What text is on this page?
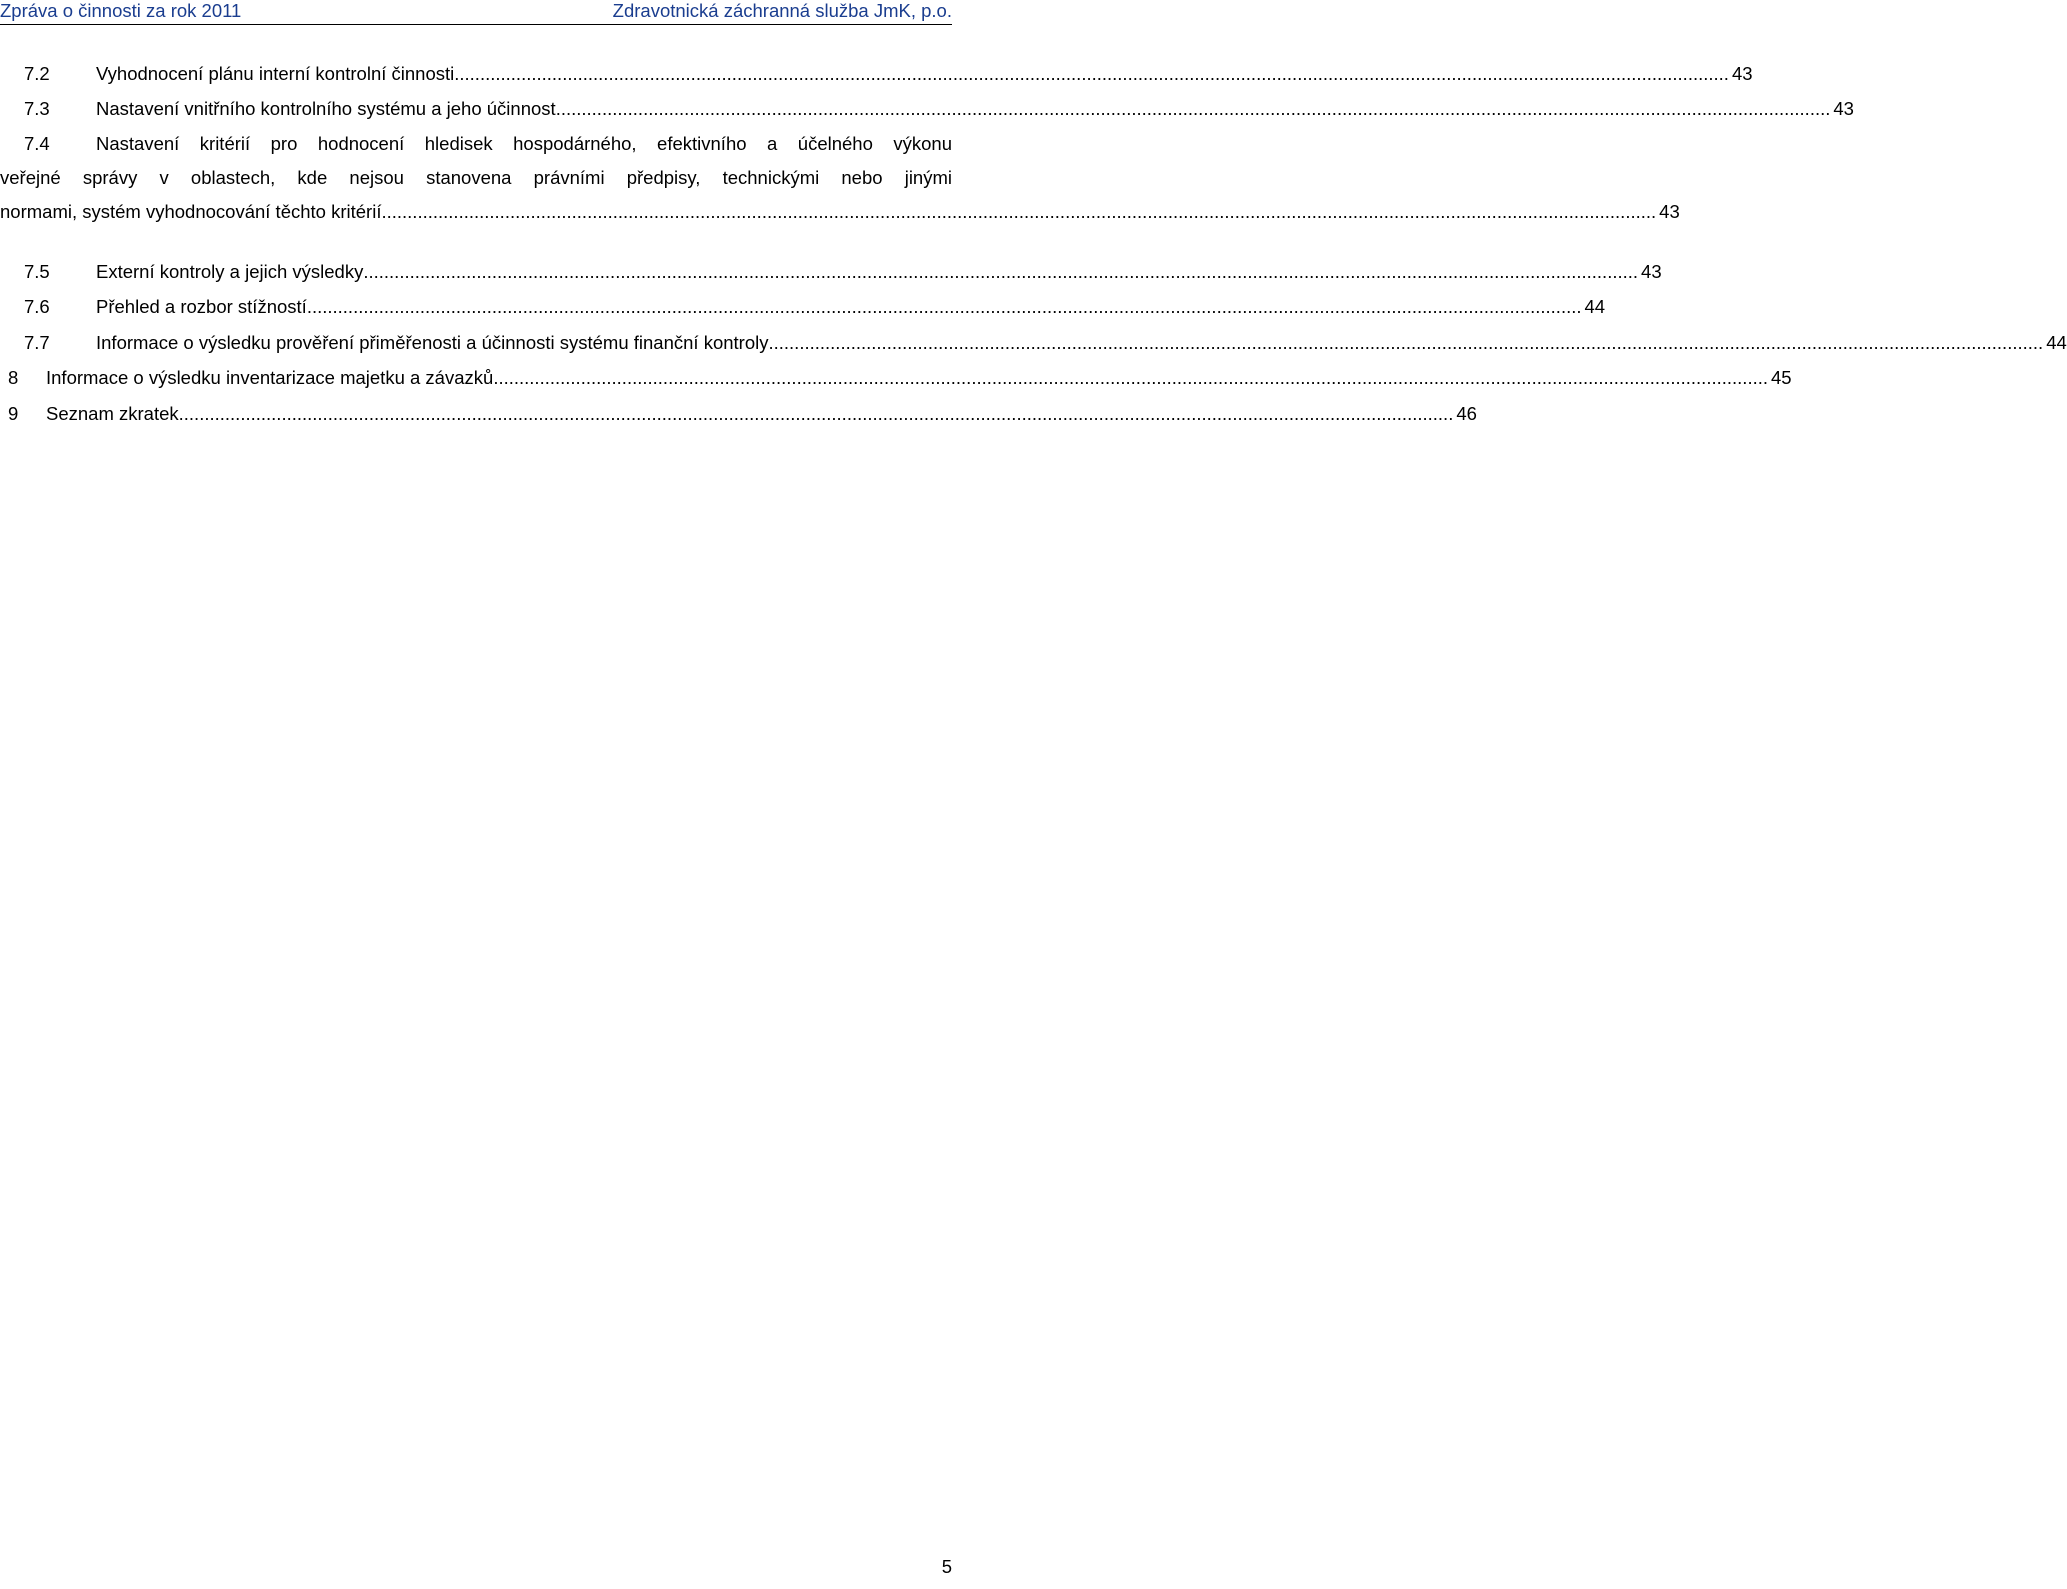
Zpráva o činnosti za rok 2011	Zdravotnická záchranná služba JmK, p.o.
7.2	Vyhodnocení plánu interní kontrolní činnosti .....	43
7.3	Nastavení vnitřního kontrolního systému a jeho účinnost .....	43
7.4	Nastavení kritérií pro hodnocení hledisek hospodárného, efektivního a účelného výkonu
veřejné správy v oblastech, kde nejsou stanovena právními předpisy, technickými nebo jinými
normami, systém vyhodnocování těchto kritérií .....	43
7.5	Externí kontroly a jejich výsledky .....	43
7.6	Přehled a rozbor stížností .....	44
7.7	Informace o výsledku prověření přiměřenosti a účinnosti systému finanční kontroly .....	44
8	Informace o výsledku inventarizace majetku a závazků .....	45
9	Seznam zkratek .....	46
5
